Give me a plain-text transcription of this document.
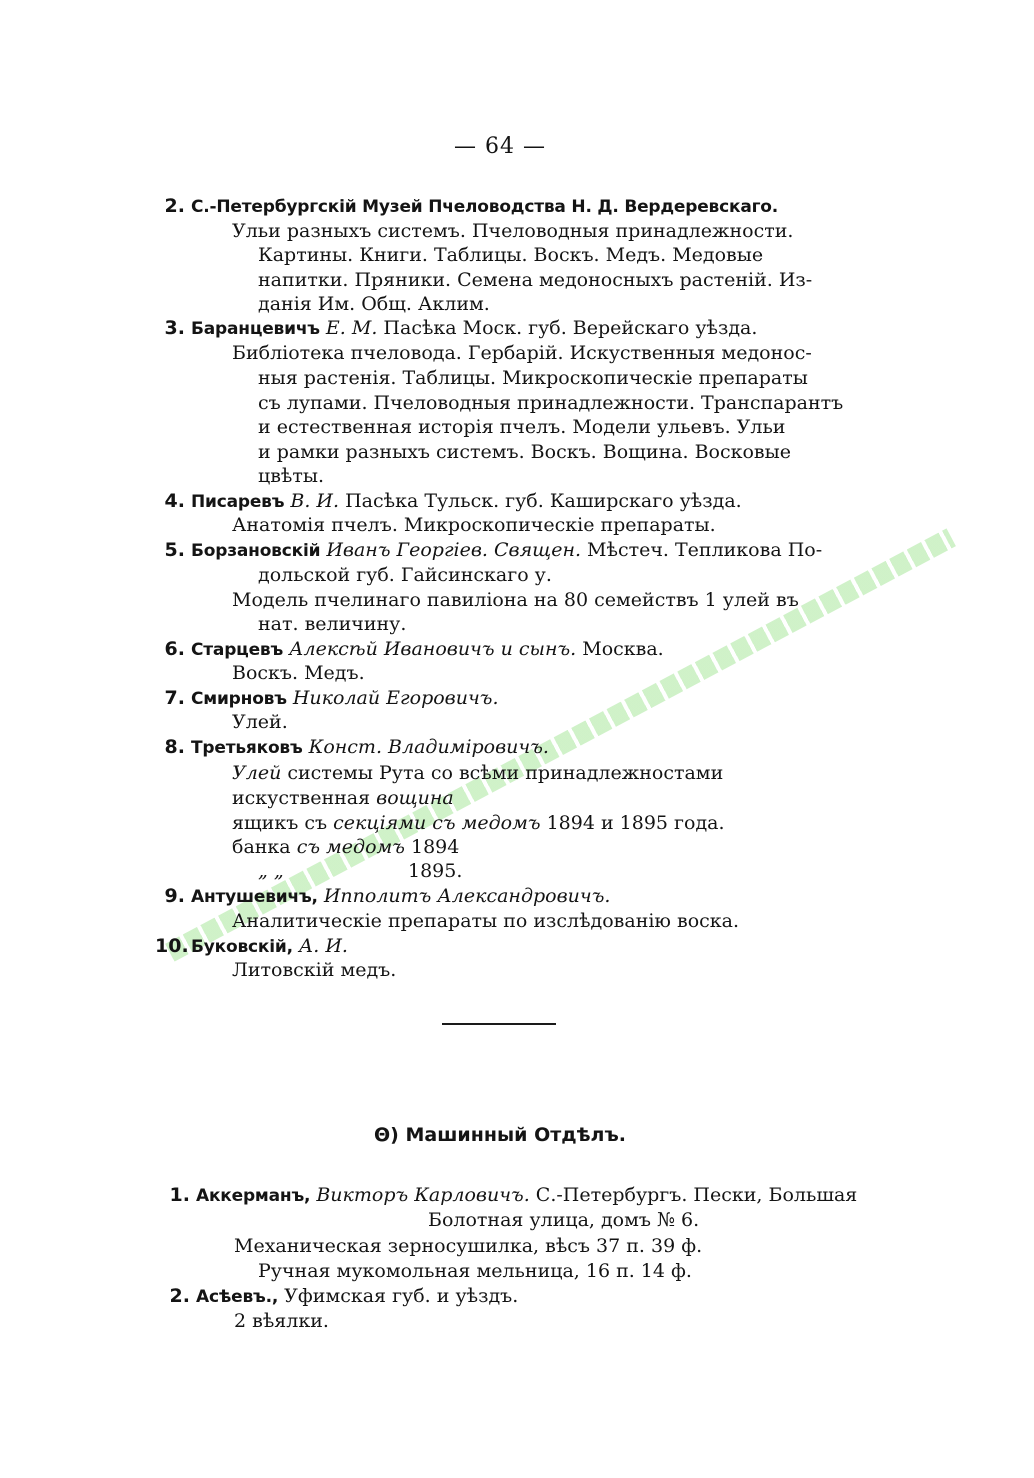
— 64 —
2. С.-Петербургскій Музей Пчеловодства Н. Д. Вердеревскаго.
Ульи разныхъ системъ. Пчеловодныя принадлежности.
Картины. Книги. Таблицы. Воскъ. Медъ. Медовые
напитки. Пряники. Семена медоносныхъ растеній. Из-
данія Им. Общ. Аклим.
3. Баранцевичъ Е. М. Пасѣка Моск. губ. Верейскаго уѣзда.
Библіотека пчеловода. Гербарій. Искуственныя медонос-
ныя растенія. Таблицы. Микроскопическіе препараты
съ лупами. Пчеловодныя принадлежности. Транспарантъ
и естественная исторія пчелъ. Модели ульевъ. Ульи
и рамки разныхъ системъ. Воскъ. Вощина. Восковые
цвѣты.
4. Писаревъ В. И. Пасѣка Тульск. губ. Каширскаго уѣзда.
Анатомія пчелъ. Микроскопическіе препараты.
5. Борзановскій Иванъ Георгіев. Священ. Мѣстеч. Тепликова По-
дольской губ. Гайсинскаго у.
Модель пчелинаго павиліона на 80 семействъ 1 улей въ
нат. величину.
6. Старцевъ Алексѣй Ивановичъ и сынъ. Москва.
Воскъ. Медъ.
7. Смирновъ Николай Егоровичъ.
Улей.
8. Третьяковъ Конст. Владиміровичъ.
Улей системы Рута со всѣми принадлежностами
искуственная вощина
ящикъ съ секціями съ медомъ 1894 и 1895 года.
банка съ медомъ 1894
„ „	1895.
9. Антушевичъ, Ипполитъ Александровичъ.
Аналитическіе препараты по изслѣдованію воска.
10. Буковскій, А. И.
Литовскій медъ.
Θ) Машинный Отдѣлъ.
1. Аккерманъ, Викторъ Карловичъ. С.-Петербургъ. Пески, Большая
Болотная улица, домъ № 6.
Механическая зерносушилка, вѣсъ 37 п. 39 ф.
Ручная мукомольная мельница, 16 п. 14 ф.
2. Асѣевъ., Уфимская губ. и уѣздъ.
2 вѣялки.
